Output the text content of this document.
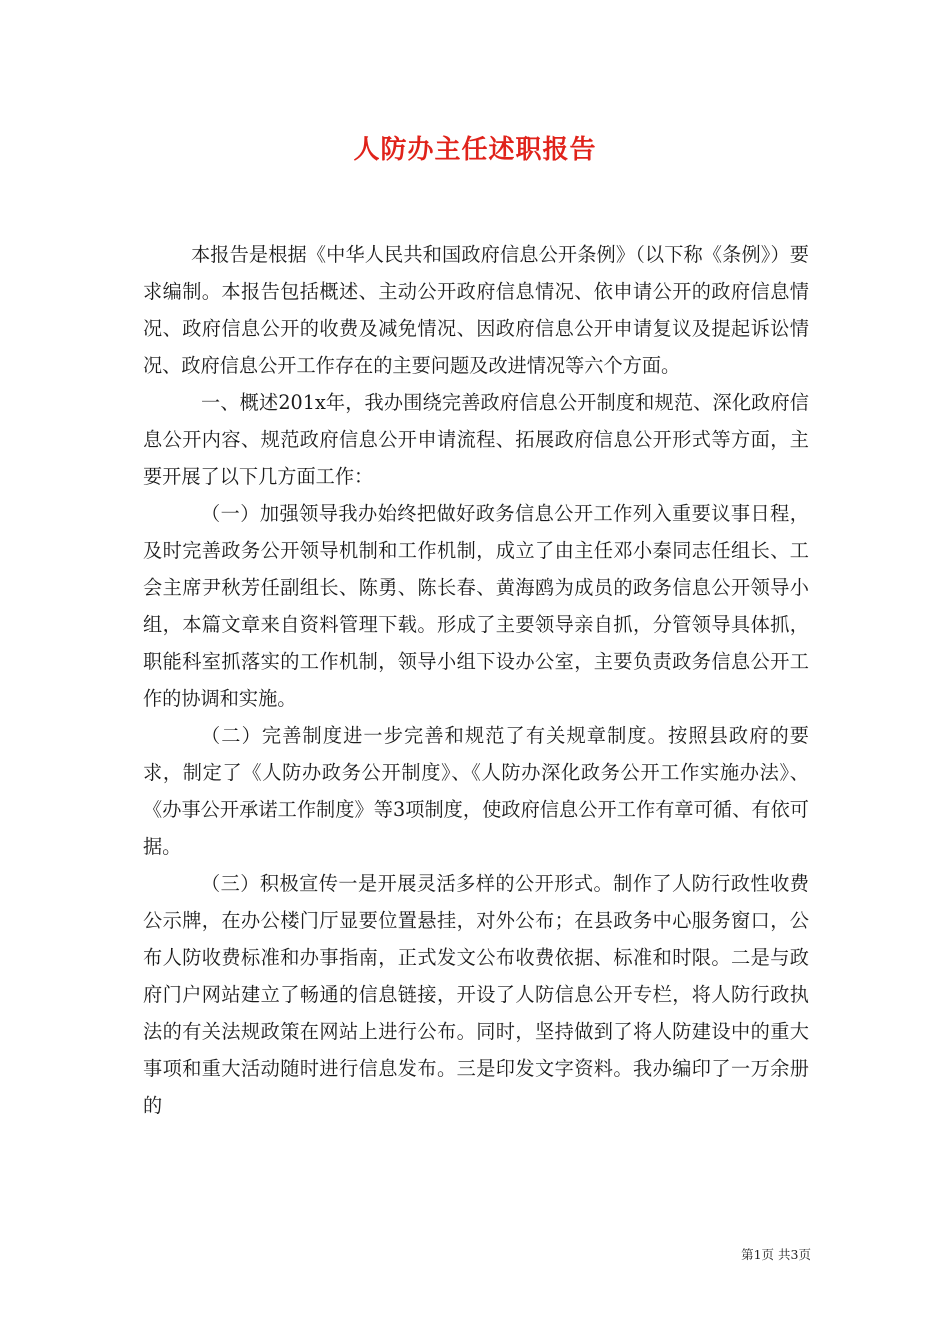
人防办主任述职报告

本报告是根据《中华人民共和国政府信息公开条例》（以下称《条例》）要求编制。本报告包括概述、主动公开政府信息情况、依申请公开的政府信息情况、政府信息公开的收费及减免情况、因政府信息公开申请复议及提起诉讼情况、政府信息公开工作存在的主要问题及改进情况等六个方面。

一、概述201x年，我办围绕完善政府信息公开制度和规范、深化政府信息公开内容、规范政府信息公开申请流程、拓展政府信息公开形式等方面，主要开展了以下几方面工作：

（一）加强领导我办始终把做好政务信息公开工作列入重要议事日程，及时完善政务公开领导机制和工作机制，成立了由主任邓小秦同志任组长、工会主席尹秋芳任副组长、陈勇、陈长春、黄海鸥为成员的政务信息公开领导小组，本篇文章来自资料管理下载。形成了主要领导亲自抓，分管领导具体抓，职能科室抓落实的工作机制，领导小组下设办公室，主要负责政务信息公开工作的协调和实施。

（二）完善制度进一步完善和规范了有关规章制度。按照县政府的要求，制定了《人防办政务公开制度》、《人防办深化政务公开工作实施办法》、《办事公开承诺工作制度》等3项制度，使政府信息公开工作有章可循、有依可据。

（三）积极宣传一是开展灵活多样的公开形式。制作了人防行政性收费公示牌，在办公楼门厅显要位置悬挂，对外公布；在县政务中心服务窗口，公布人防收费标准和办事指南，正式发文公布收费依据、标准和时限。二是与政府门户网站建立了畅通的信息链接，开设了人防信息公开专栏，将人防行政执法的有关法规政策在网站上进行公布。同时，坚持做到了将人防建设中的重大事项和重大活动随时进行信息发布。三是印发文字资料。我办编印了一万余册的

第1页 共3页
